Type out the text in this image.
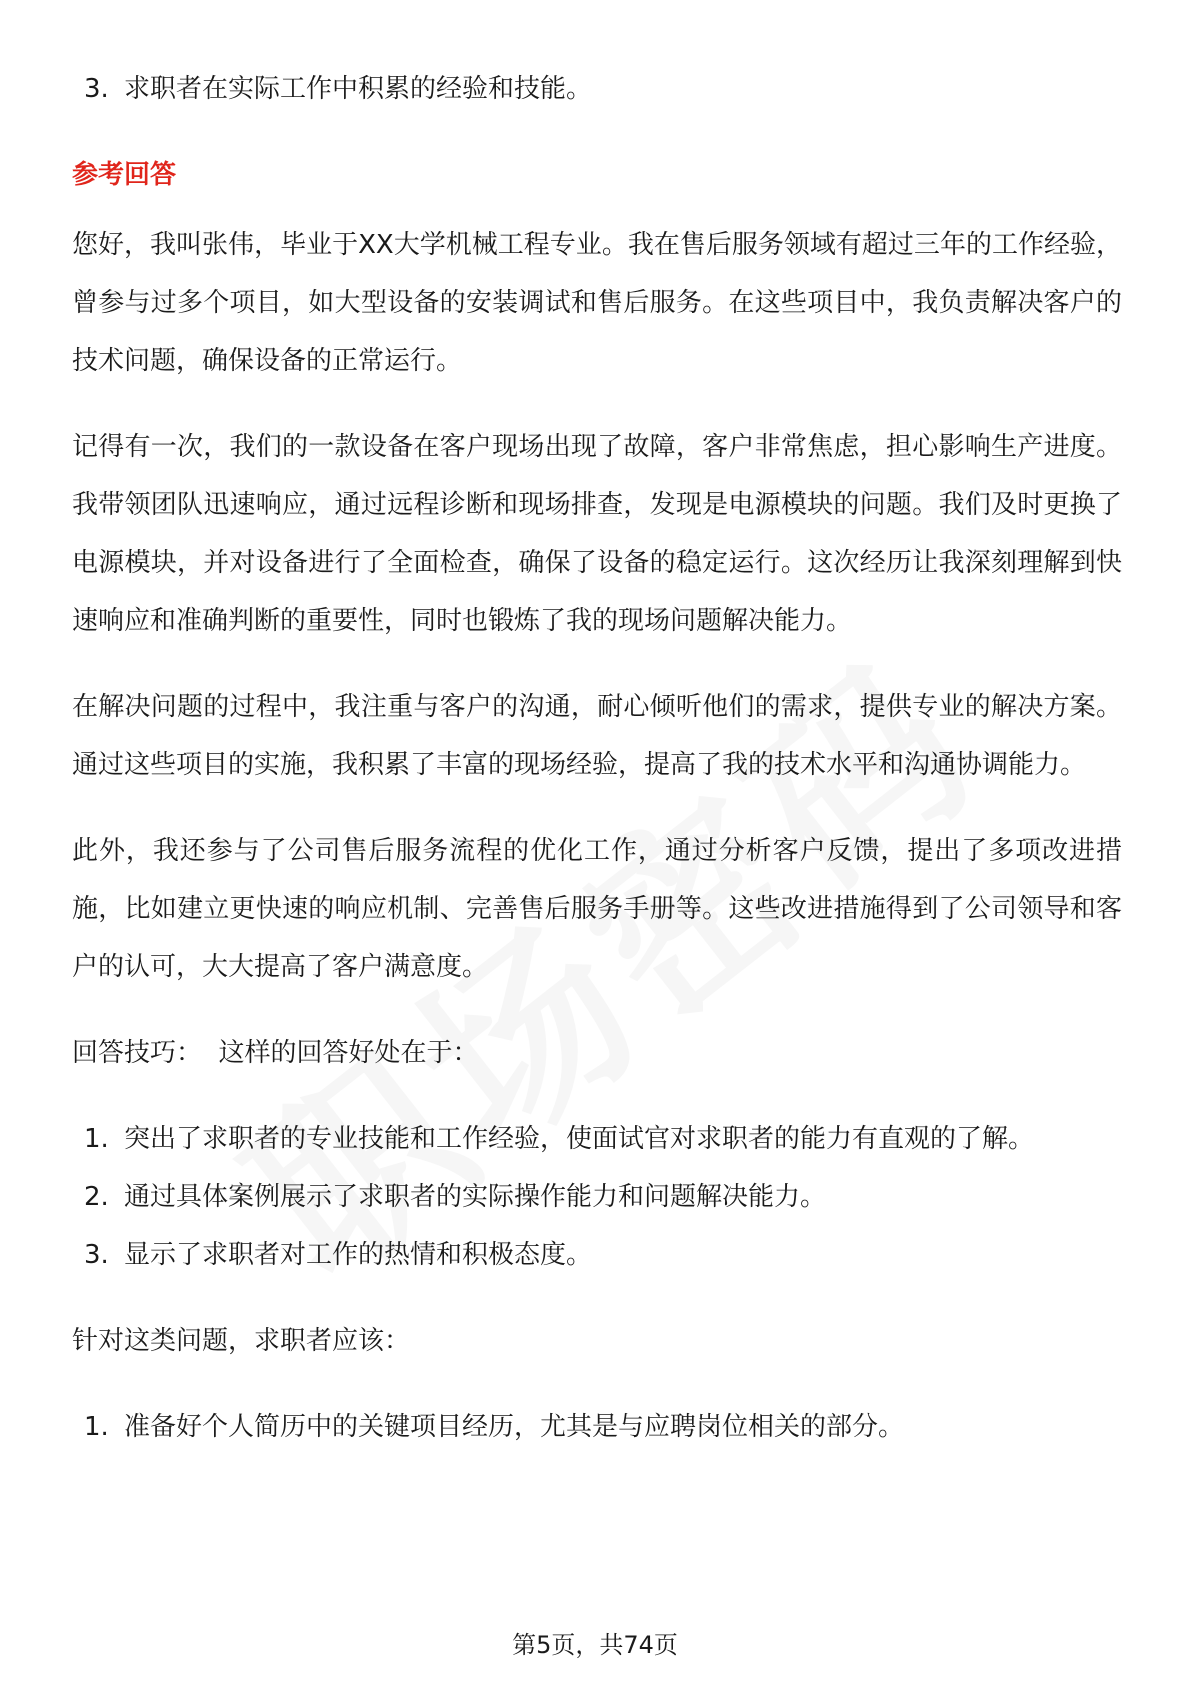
3. 求职者在实际工作中积累的经验和技能。
参考回答

您好，我叫张伟，毕业于XX大学机械工程专业。我在售后服务领域有超过三年的工作经验，曾参与过多个项目，如大型设备的安装调试和售后服务。在这些项目中，我负责解决客户的技术问题，确保设备的正常运行。

记得有一次，我们的一款设备在客户现场出现了故障，客户非常焦虑，担心影响生产进度。我带领团队迅速响应，通过远程诊断和现场排查，发现是电源模块的问题。我们及时更换了电源模块，并对设备进行了全面检查，确保了设备的稳定运行。这次经历让我深刻理解到快速响应和准确判断的重要性，同时也锻炼了我的现场问题解决能力。

在解决问题的过程中，我注重与客户的沟通，耐心倾听他们的需求，提供专业的解决方案。通过这些项目的实施，我积累了丰富的现场经验，提高了我的技术水平和沟通协调能力。

此外，我还参与了公司售后服务流程的优化工作，通过分析客户反馈，提出了多项改进措施，比如建立更快速的响应机制、完善售后服务手册等。这些改进措施得到了公司领导和客户的认可，大大提高了客户满意度。

回答技巧：  这样的回答好处在于：

1. 突出了求职者的专业技能和工作经验，使面试官对求职者的能力有直观的了解。
2. 通过具体案例展示了求职者的实际操作能力和问题解决能力。
3. 显示了求职者对工作的热情和积极态度。

针对这类问题，求职者应该：

1. 准备好个人简历中的关键项目经历，尤其是与应聘岗位相关的部分。
第5页，共74页
